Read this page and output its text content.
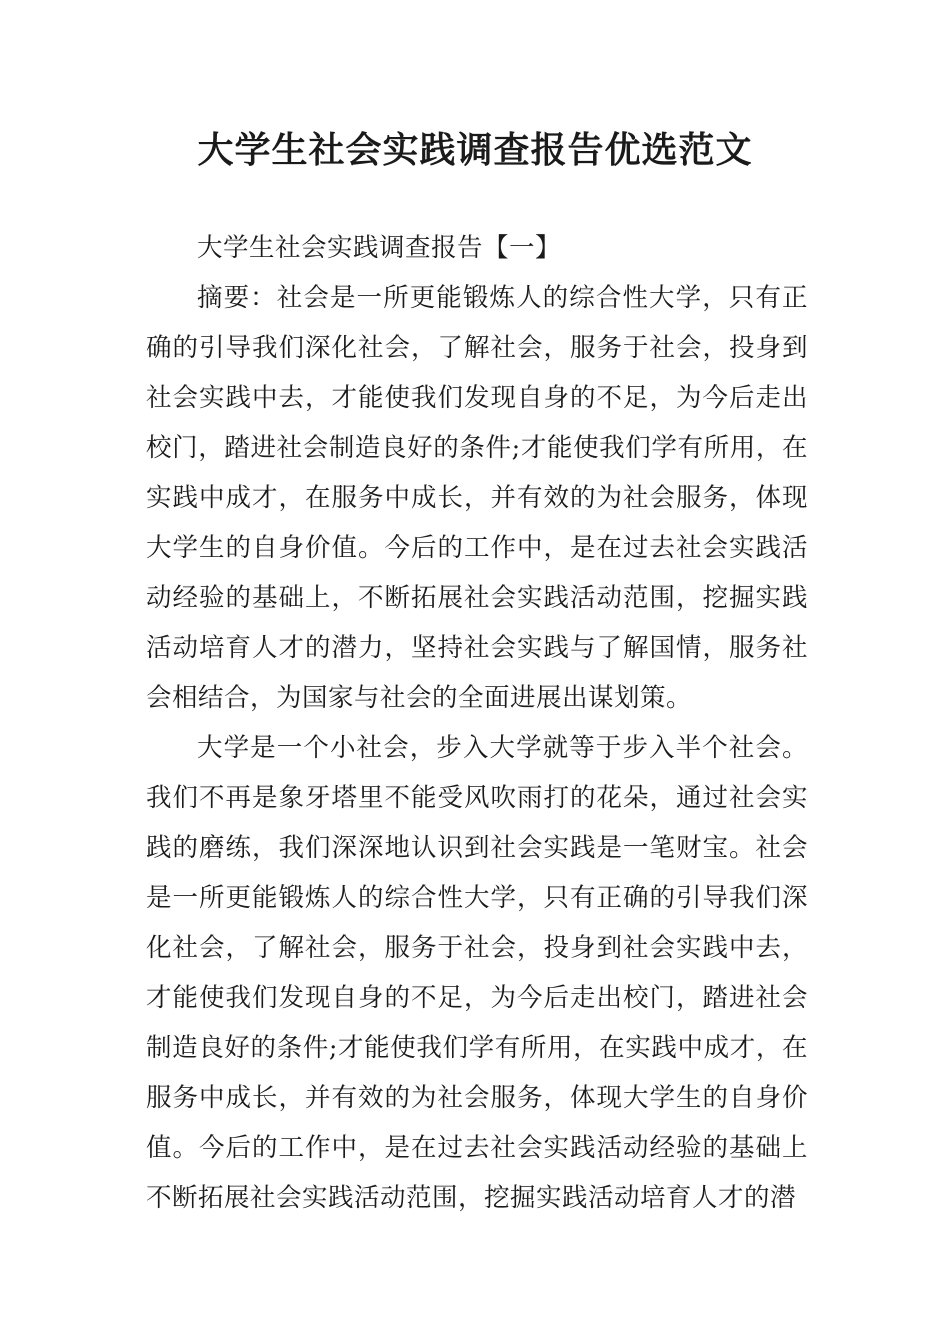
大学生社会实践调查报告优选范文

大学生社会实践调查报告【一】

摘要：社会是一所更能锻炼人的综合性大学，只有正确的引导我们深化社会，了解社会，服务于社会，投身到社会实践中去，才能使我们发现自身的不足，为今后走出校门，踏进社会制造良好的条件;才能使我们学有所用，在实践中成才，在服务中成长，并有效的为社会服务，体现大学生的自身价值。今后的工作中，是在过去社会实践活动经验的基础上，不断拓展社会实践活动范围，挖掘实践活动培育人才的潜力，坚持社会实践与了解国情，服务社会相结合，为国家与社会的全面进展出谋划策。

大学是一个小社会，步入大学就等于步入半个社会。我们不再是象牙塔里不能受风吹雨打的花朵，通过社会实践的磨练，我们深深地认识到社会实践是一笔财宝。社会是一所更能锻炼人的综合性大学，只有正确的引导我们深化社会，了解社会，服务于社会，投身到社会实践中去，才能使我们发现自身的不足，为今后走出校门，踏进社会制造良好的条件;才能使我们学有所用，在实践中成才，在服务中成长，并有效的为社会服务，体现大学生的自身价值。今后的工作中，是在过去社会实践活动经验的基础上不断拓展社会实践活动范围，挖掘实践活动培育人才的潜
